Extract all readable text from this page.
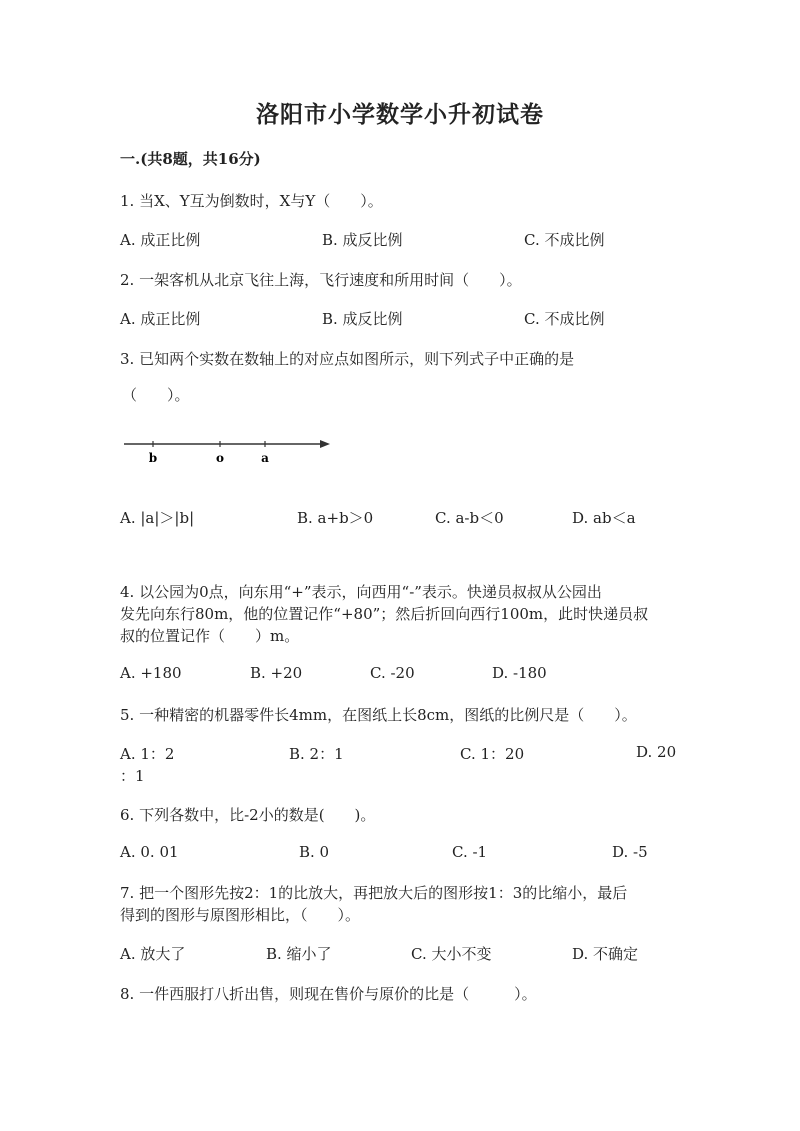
洛阳市小学数学小升初试卷
一.(共8题，共16分)
1. 当X、Y互为倒数时，X与Y（　　）。
A. 成正比例	B. 成反比例	C. 不成比例
2. 一架客机从北京飞往上海，飞行速度和所用时间（　　）。
A. 成正比例	B. 成反比例	C. 不成比例
3. 已知两个实数在数轴上的对应点如图所示，则下列式子中正确的是
（　　）。
b	o	a
A. |a|＞|b|	B. a+b＞0	C. a-b＜0	D. ab＜a
4. 以公园为0点，向东用“+”表示，向西用“-”表示。快递员叔叔从公园出
发先向东行80m，他的位置记作“+80”；然后折回向西行100m，此时快递员叔
叔的位置记作（　　）m。
A. +180	B. +20	C. -20	D. -180
5. 一种精密的机器零件长4mm，在图纸上长8cm，图纸的比例尺是（　　）。
A. 1：2	B. 2：1	C. 1：20	D. 20
：1
6. 下列各数中，比-2小的数是(　　)。
A. 0. 01	B. 0	C. -1	D. -5
7. 把一个图形先按2：1的比放大，再把放大后的图形按1：3的比缩小，最后
得到的图形与原图形相比，（　　）。
A. 放大了	B. 缩小了	C. 大小不变	D. 不确定
8. 一件西服打八折出售，则现在售价与原价的比是（　　　）。
